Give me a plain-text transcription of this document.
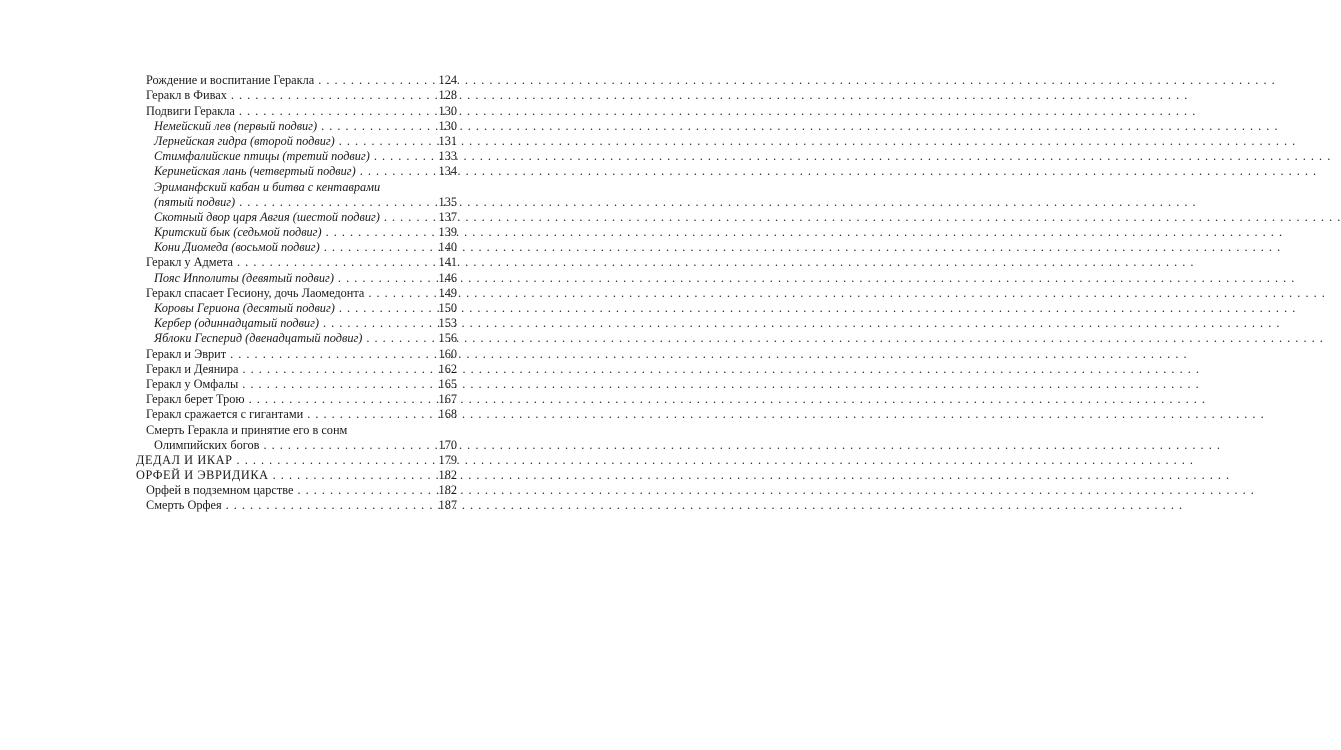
Рождение и воспитание Геракла . . .	124
Геракл в Фивах . . .	128
Подвиги Геракла . . .	130
Немейский лев (первый подвиг) . . .	130
Лернейская гидра (второй подвиг) . . .	131
Стимфалийские птицы (третий подвиг) . . .	133
Керинейская лань (четвертый подвиг) . . .	134
Эриманфский кабан и битва с кентаврами
(пятый подвиг) . . .	135
Скотный двор царя Авгия (шестой подвиг) . . .	137
Критский бык (седьмой подвиг) . . .	139
Кони Диомеда (восьмой подвиг) . . .	140
Геракл у Адмета . . .	141
Пояс Ипполиты (девятый подвиг) . . .	146
Геракл спасает Гесиону, дочь Лаомедонта . . .	149
Коровы Гериона (десятый подвиг) . . .	150
Кербер (одиннадцатый подвиг) . . .	153
Яблоки Гесперид (двенадцатый подвиг) . . .	156
Геракл и Эврит . . .	160
Геракл и Деянира . . .	162
Геракл у Омфалы . . .	165
Геракл берет Трою . . .	167
Геракл сражается с гигантами . . .	168
Смерть Геракла и принятие его в сонм
Олимпийских богов . . .	170
ДЕДАЛ И ИКАР . . .	179
ОРФЕЙ И ЭВРИДИКА . . .	182
Орфей в подземном царстве . . .	182
Смерть Орфея . . .	187
